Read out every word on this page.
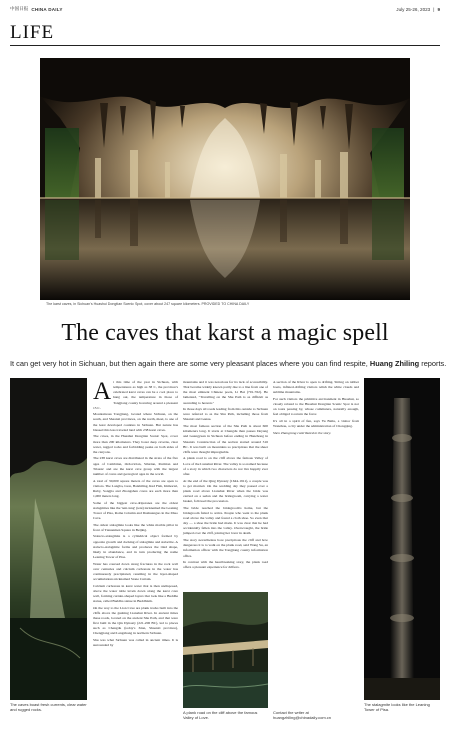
中国日报 CHINA DAILY	July 25-26, 2023 | 9
LIFE
The karst caves, in Sichuan's Huashui Dongtian Scenic Spot, cover about 247 square kilometers. PROVIDED TO CHINA DAILY
The caves that karst a magic spell
It can get very hot in Sichuan, but then again there are some very pleasant places where you can find respite, Huang Zhiling reports.
The caves boast fresh currents, clear water and rugged rocks.
The stalagmite looks like the Leaning Tower of Pisa.
A t this time of the year in Sichuan, with temperatures as high as 38 C, the province's celebrated karst caves can be a cool place to hang out, the temperature in those of Tongjiang county hovering around a pleasant 15 C.

Mountainous Tongjiang, located where Sichuan, on the south, and Shaanxi provinces, on the north, meet, is one of the least developed counties in Sichuan. But nature has blessed this less traveled land with 238 karst caves.

The caves, in the Huashui Dongtian Scenic Spot, cover more than 200 kilometers. They boast deep caverns, clear water, rugged rocks and forbidding peaks on both sides of the canyons.

The 238 karst caves are distributed in the strata of the five ages of Cambrian, Ordovician, Silurian, Permian and Triassic and are the karst cave group with the largest number of caves and geological ages in the world.

A total of 30,000 square meters of the caves are open to visitors. The Longba, Lion, Baishiling, Red Fish, Immortal, Ruby, Songjia and Zhongshan caves are each more than 1,000 meters long.

Some of the biggest cave-dripstones are the oldest stalagmites like the 'tent-lang' (tent) nicknamed the Leaning Tower of Pisa, Rome Column and Dashuanguo in the Zhuo Cave.

The oldest stalagmite looks like the white marble pillar in front of Tiananmen Square in Beijing.

Stalacto-stalagmite is a cylindrical object formed by opposite growth and docking of stalagmite and stalactite. A stalacto-stalagmite forms and produces the tiled shape, likely in abundance, and in turn producing the name Leaning Tower of Pisa.

Water has coursed down along fractures in the rock wall over centuries and calcium carbonate in the water has continuously precipitated, resulting in the layer-shaped accumulations nicknamed Stone Curtain.

Calcium carbonate in karst water that is then undisposed, above the water table levels down along the karst cave wall, forming curtain-shaped layers that look like a Buddha statue, called Buddha statue in Buddhism.

On the way to the Lion Cave are plank tracks built into the cliffs above the gushing Lianshui River. In ancient times these roads, located on the ancient Shu Path, and that were first built in the Qin Dynasty (221-206 BC), led to places such as Chengdu (today's Xian, Shaanxi province), Chengjiang and Langzhong in northern Sichuan.

Shu was what Sichuan was called in ancient times. It is surrounded by

mountains and it was notorious for its lack of accessibility. That became widely known partly due to a line from one of the most eminent Chinese poets, Li Bai (701-762). He lamented, "Travelling on the Shu Path is as difficult as ascending to heaven."

In those days all roads leading from this outside to Sichuan were referred to as the Shu Path, including those from Shaanxi and Gansu.

The most famous section of the Shu Path is about 600 kilometers long. It starts at Chengdu then passes Deyang and Guangyuan in Sichuan before ending in Hanzhong in Shaanxi. Construction of the section started around 316 BC. It was built on mountains so precipitous that the sheer cliffs were thought impregnable.

A plank road is on the cliff above the famous Valley of Love of the Lianshui River. The valley is so named because of a story in which two characters do not live happily ever after.

At the end of the Qing Dynasty (1644-1911), a couple was to get married. On the wedding day they passed over a plank road above Lianshui River when the bride was carried on a sedan and the bridegroom, carrying a water basket, followed the procession.

The bride reached the bridegroom's home, but the bridegroom failed to arrive. People who went to the plank road above the valley and found a cloth shoe. So even that day — a shoe the bride had made. It was clear that he had accidentally fallen into the valley. Overwrought, the bride jumped over the cliff, joining her lover in death.

The story nevertheless bore precipitous the cliff and how dangerous it is to walk on the plank road, said Wang Su, an information officer with the Tongjiang county information office.

In contrast with the heartbreaking story, the plank road offers a pleasant experience for drifters.

A section of the River is open to drifting. Sitting on rubber boats, inflated-drifting visitors relish the white clouds and sublime mountains.

For such visitors the primitive environment in Huashui, so closely related to the Huashui Dongtian Scenic Spot is not on tours passing by, whose commuters, naturally enough, feel obliged to return the favor.

It's all in a spirit of fun, says Yu Bailu, a visitor from Wanzhou, a city under the administration of Chongqing.

Shen Zhangrong contributed to the story.

A plank road on the cliff above the famous Valley of Love.
Contact the writer at
huangzhiling@chinadaily.com.cn
